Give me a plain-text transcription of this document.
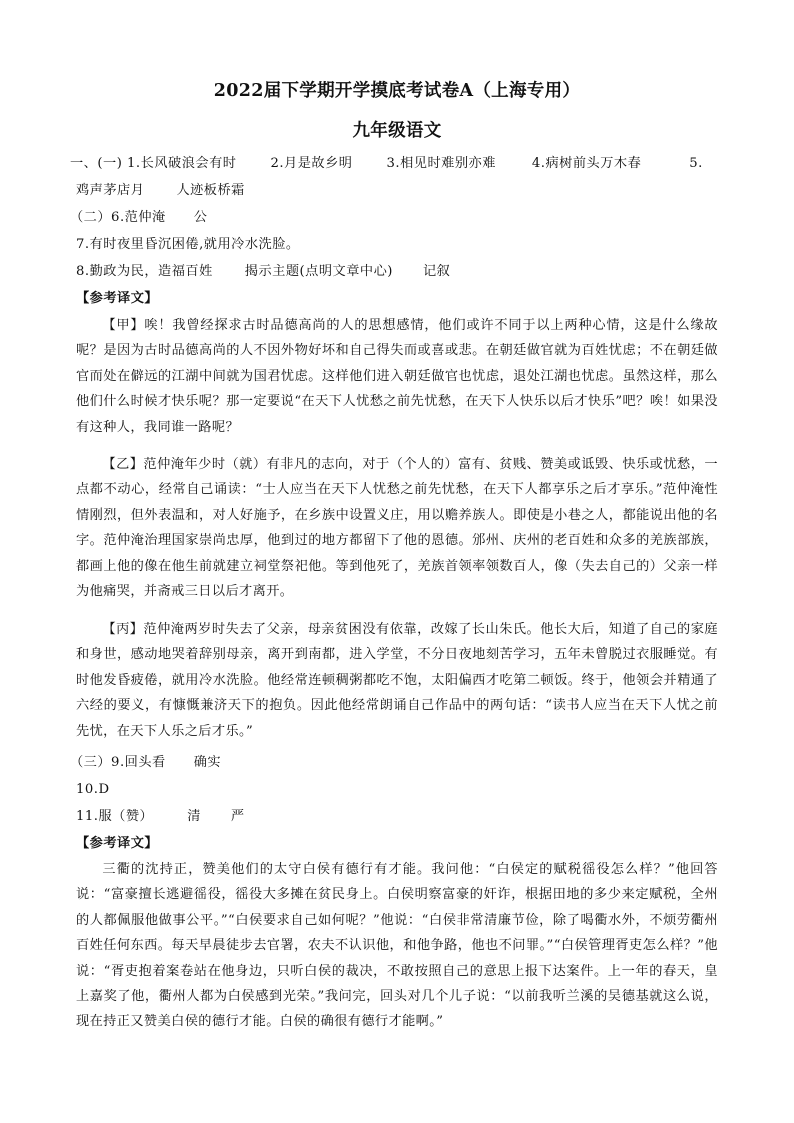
2022届下学期开学摸底考试卷A（上海专用）
九年级语文
一、(一) 1.长风破浪会有时	2.月是故乡明	3.相见时难别亦难	4.病树前头万木春	5.
鸡声茅店月 人迹板桥霜
（二）6.范仲淹 公
7.有时夜里昏沉困倦,就用冷水洗脸。
8.勤政为民，造福百姓 揭示主题(点明文章中心) 记叙
【参考译文】

【甲】唉！我曾经探求古时品德高尚的人的思想感情，他们或许不同于以上两种心情，这是什么缘故呢？是因为古时品德高尚的人不因外物好坏和自己得失而或喜或悲。在朝廷做官就为百姓忧虑；不在朝廷做官而处在僻远的江湖中间就为国君忧虑。这样他们进入朝廷做官也忧虑，退处江湖也忧虑。虽然这样，那么他们什么时候才快乐呢？那一定要说“在天下人忧愁之前先忧愁，在天下人快乐以后才快乐”吧？唉！如果没有这种人，我同谁一路呢？

【乙】范仲淹年少时（就）有非凡的志向，对于（个人的）富有、贫贱、赞美或诋毁、快乐或忧愁，一点都不动心，经常自己诵读：“士人应当在天下人忧愁之前先忧愁，在天下人都享乐之后才享乐。”范仲淹性情刚烈，但外表温和，对人好施予，在乡族中设置义庄，用以赡养族人。即使是小巷之人，都能说出他的名字。范仲淹治理国家崇尚忠厚，他到过的地方都留下了他的恩德。邠州、庆州的老百姓和众多的羌族部族，都画上他的像在他生前就建立祠堂祭祀他。等到他死了，羌族首领率领数百人，像（失去自己的）父亲一样为他痛哭，并斋戒三日以后才离开。

【丙】范仲淹两岁时失去了父亲，母亲贫困没有依靠，改嫁了长山朱氏。他长大后，知道了自己的家庭和身世，感动地哭着辞别母亲，离开到南都，进入学堂，不分日夜地刻苦学习，五年未曾脱过衣服睡觉。有时他发昏疲倦，就用冷水洗脸。他经常连顿稠粥都吃不饱，太阳偏西才吃第二顿饭。终于，他领会并精通了六经的要义，有慷慨兼济天下的抱负。因此他经常朗诵自己作品中的两句话：“读书人应当在天下人忧之前先忧，在天下人乐之后才乐。”

（三）9.回头看 确实
10.D
11.服（赞）	清 严
【参考译文】

三衢的沈持正，赞美他们的太守白侯有德行有才能。我问他：“白侯定的赋税徭役怎么样？”他回答说：“富豪擅长逃避徭役，徭役大多摊在贫民身上。白侯明察富豪的奸诈，根据田地的多少来定赋税，全州的人都佩服他做事公平。”“白侯要求自己如何呢？”他说：“白侯非常清廉节俭，除了喝衢水外，不烦劳衢州百姓任何东西。每天早晨徒步去官署，农夫不认识他，和他争路，他也不问罪。”“白侯管理胥吏怎么样？”他说：“胥吏抱着案卷站在他身边，只听白侯的裁决，不敢按照自己的意思上报下达案件。上一年的春天，皇上嘉奖了他，衢州人都为白侯感到光荣。”我问完，回头对几个儿子说：“以前我听兰溪的吴德基就这么说，现在持正又赞美白侯的德行才能。白侯的确很有德行才能啊。”
